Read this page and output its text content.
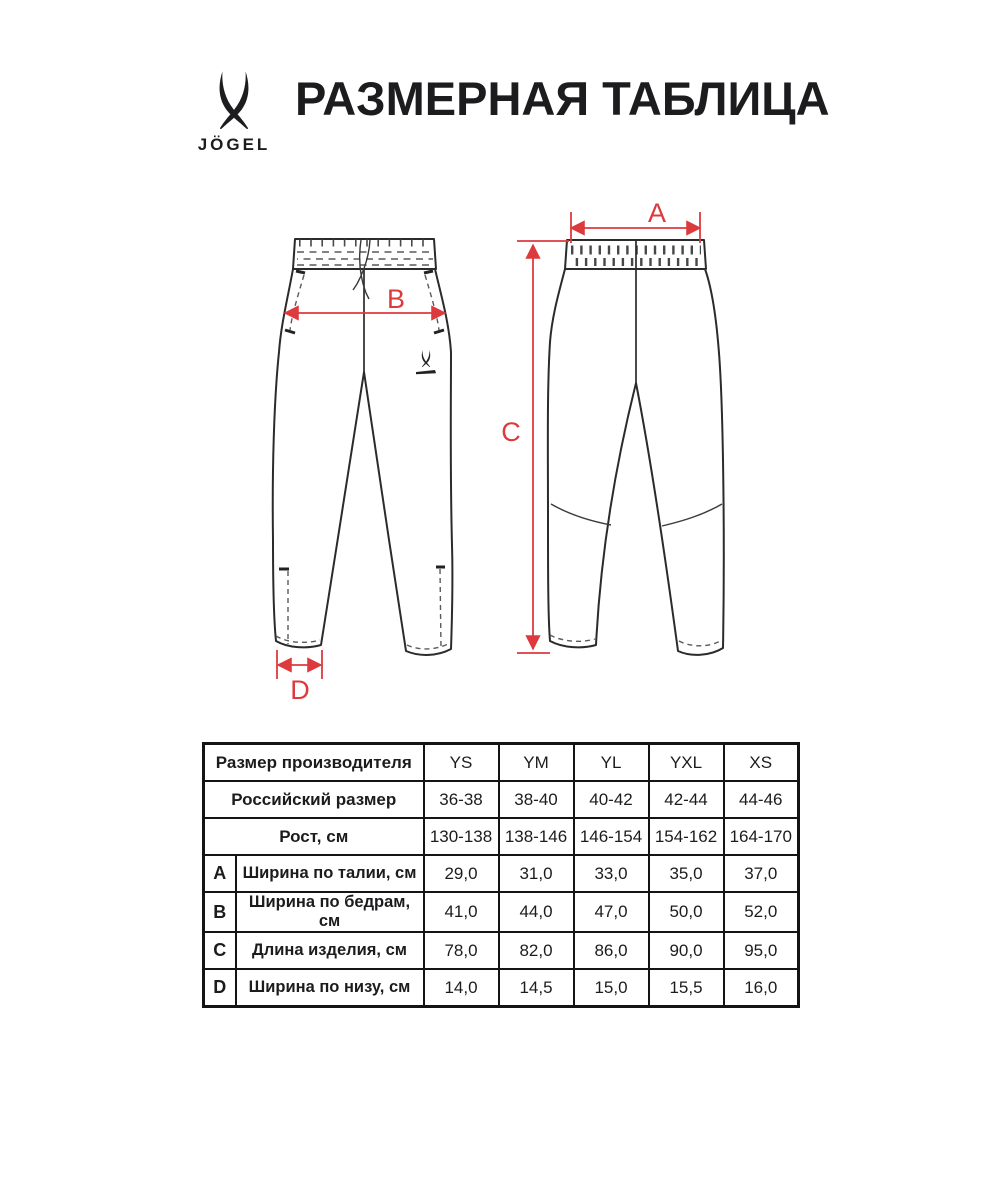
JÖGEL
РАЗМЕРНАЯ ТАБЛИЦА
A
B
C
D
Размер производителя		YS	YM	YL	YXL	XS
Российский размер		36-38	38-40	40-42	42-44	44-46
Рост, см		130-138	138-146	146-154	154-162	164-170
A	Ширина по талии, см	29,0	31,0	33,0	35,0	37,0
B	Ширина по бедрам, см	41,0	44,0	47,0	50,0	52,0
C	Длина изделия, см	78,0	82,0	86,0	90,0	95,0
D	Ширина по низу, см	14,0	14,5	15,0	15,5	16,0
